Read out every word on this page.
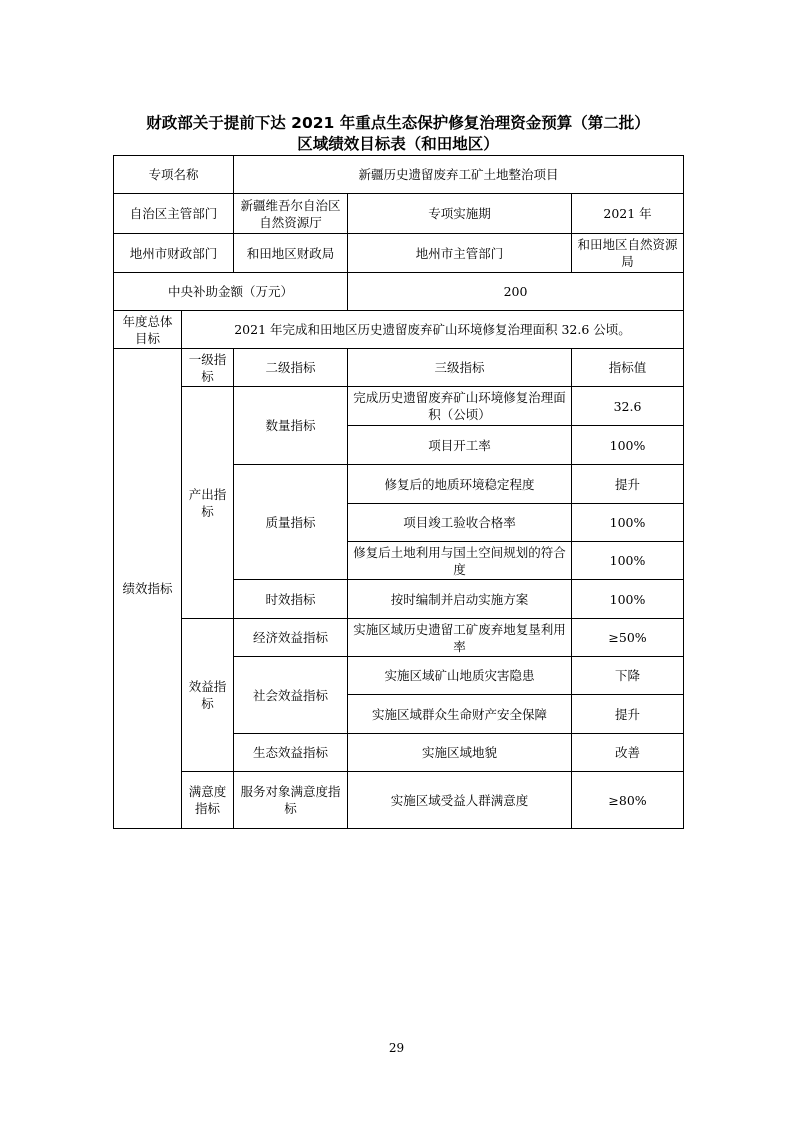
财政部关于提前下达 2021 年重点生态保护修复治理资金预算（第二批）
区域绩效目标表（和田地区）
专项名称		新疆历史遗留废弃工矿土地整治项目		
自治区主管部门		新疆维吾尔自治区自然资源厅	专项实施期	2021 年
地州市财政部门		和田地区财政局	地州市主管部门	和田地区自然资源局
中央补助金额（万元）			200	
年度总体目标	2021 年完成和田地区历史遗留废弃矿山环境修复治理面积 32.6 公顷。			
绩效指标	一级指标	二级指标	三级指标	指标值
	产出指标	数量指标	完成历史遗留废弃矿山环境修复治理面积（公顷）	32.6
			项目开工率	100%
		质量指标	修复后的地质环境稳定程度	提升
			项目竣工验收合格率	100%
			修复后土地利用与国土空间规划的符合度	100%
		时效指标	按时编制并启动实施方案	100%
	效益指标	经济效益指标	实施区域历史遗留工矿废弃地复垦利用率	≥50%
		社会效益指标	实施区域矿山地质灾害隐患	下降
			实施区域群众生命财产安全保障	提升
		生态效益指标	实施区域地貌	改善
	满意度指标	服务对象满意度指标	实施区域受益人群满意度	≥80%
29
